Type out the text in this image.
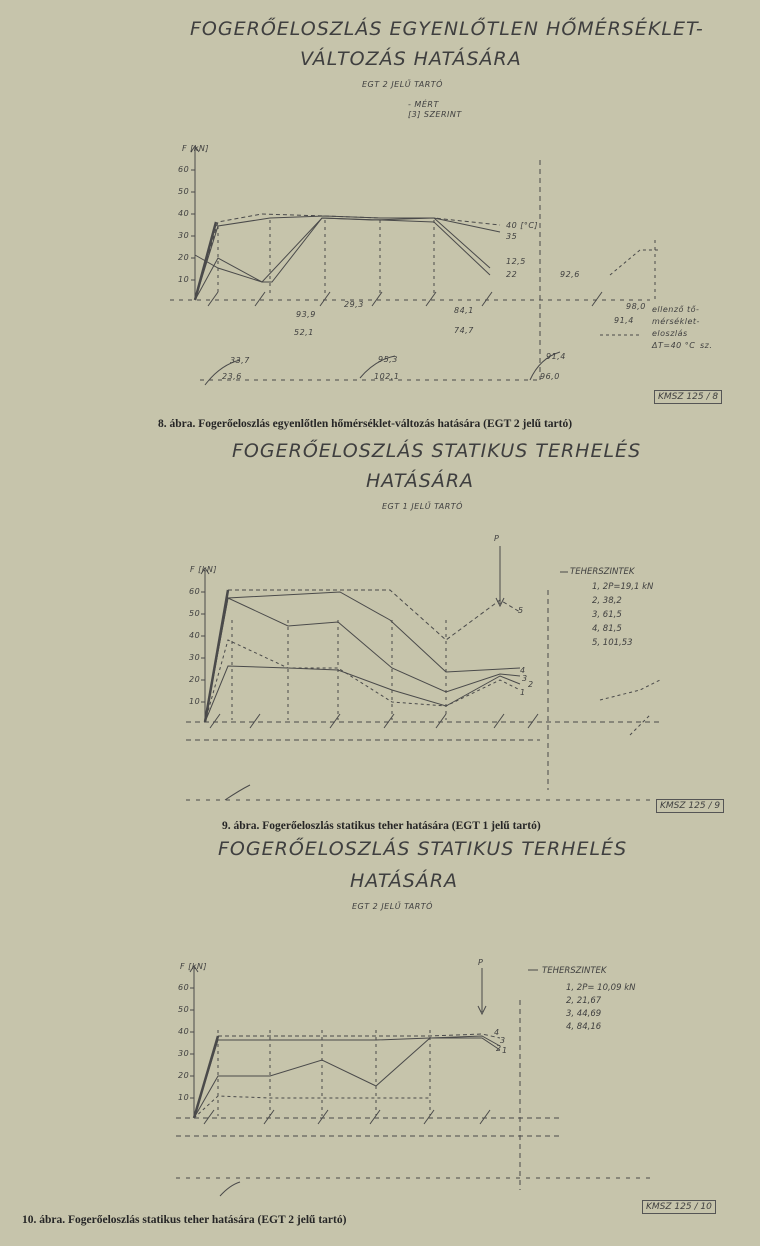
FOGERŐELOSZLÁS EGYENLŐTLEN HŐMÉRSÉKLET-
VÁLTOZÁS HATÁSÁRA
EGT 2 JELŰ TARTÓ
- MÉRT
[3] SZERINT
F [kN]
60
50
40
30
20
10
40 [°C]
35
12,5
22
93,9
52,1
29,3
84,1
74,7
33,7
23,6
95,3
102,1
91,4
96,0
92,6
98,0
91,4
ellenző tő-
mérséklet-
eloszlás
ΔT=40 °C sz.
KMSZ 125 / 8
8. ábra. Fogerőeloszlás egyenlőtlen hőmérséklet-változás hatására (EGT 2 jelű tartó)
FOGERŐELOSZLÁS STATIKUS TERHELÉS
HATÁSÁRA
EGT 1 JELŰ TARTÓ
P
F [kN]
60
50
40
30
20
10
TEHERSZINTEK
1, 2P=19,1 kN
2, 38,2
3, 61,5
4, 81,5
5, 101,53
5
4
3
2
1
KMSZ 125 / 9
9. ábra. Fogerőeloszlás statikus teher hatására (EGT 1 jelű tartó)
FOGERŐELOSZLÁS STATIKUS TERHELÉS
HATÁSÁRA
EGT 2 JELŰ TARTÓ
P
F [kN]
60
50
40
30
20
10
TEHERSZINTEK
1, 2P= 10,09 kN
2, 21,67
3, 44,69
4, 84,16
4
3
2 1
KMSZ 125 / 10
10. ábra. Fogerőeloszlás statikus teher hatására (EGT 2 jelű tartó)
